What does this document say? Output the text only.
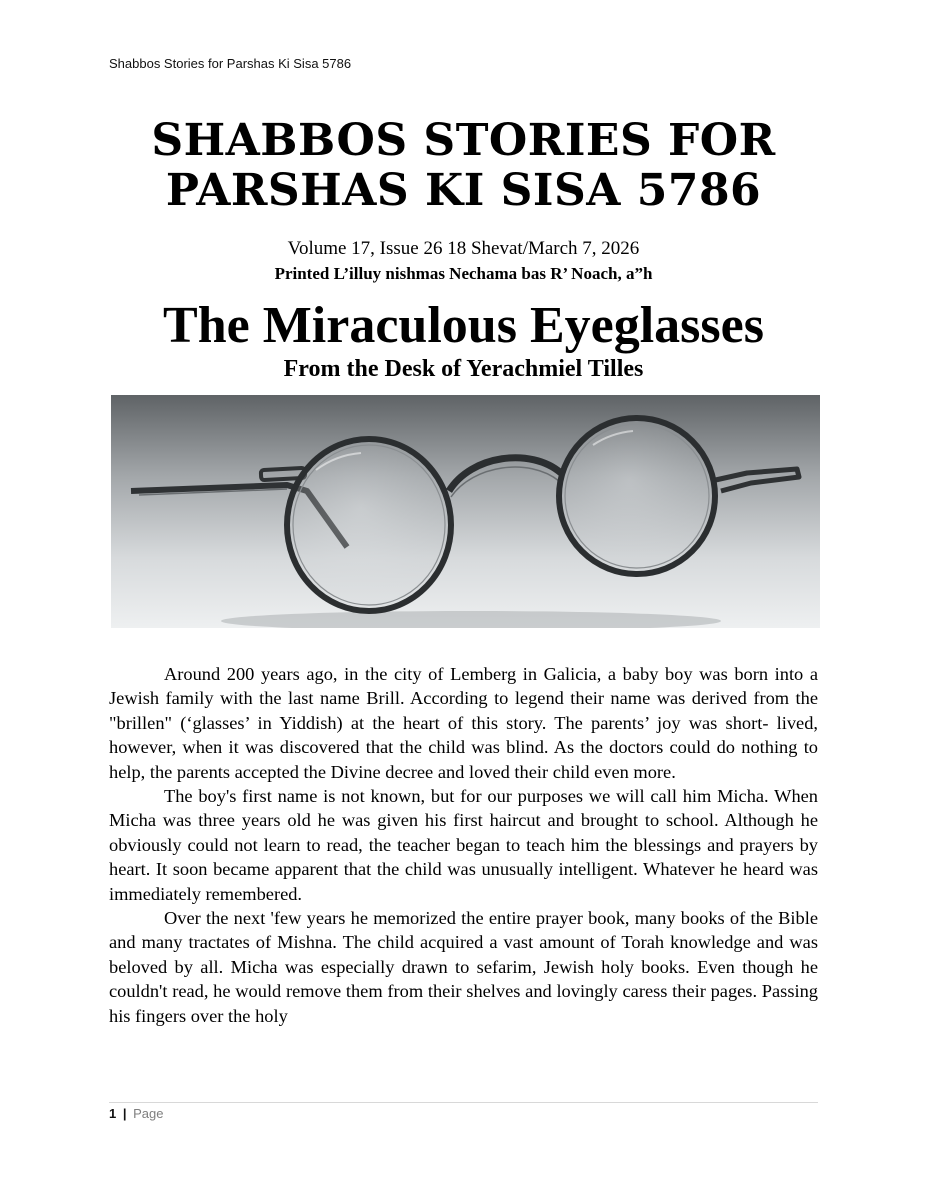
Shabbos Stories for Parshas Ki Sisa 5786
SHABBOS STORIES FOR
PARSHAS KI SISA 5786
Volume 17, Issue 26 18 Shevat/March 7, 2026
Printed L’illuy nishmas Nechama bas R’ Noach, a”h
The Miraculous Eyeglasses
From the Desk of Yerachmiel Tilles

Around 200 years ago, in the city of Lemberg in Galicia, a baby boy was born into a Jewish family with the last name Brill. According to legend their name was derived from the "brillen" (‘glasses’ in Yiddish) at the heart of this story. The parents’ joy was short- lived, however, when it was discovered that the child was blind. As the doctors could do nothing to help, the parents accepted the Divine decree and loved their child even more.

The boy's first name is not known, but for our purposes we will call him Micha. When Micha was three years old he was given his first haircut and brought to school. Although he obviously could not learn to read, the teacher began to teach him the blessings and prayers by heart. It soon became apparent that the child was unusually intelligent. Whatever he heard was immediately remembered.

Over the next 'few years he memorized the entire prayer book, many books of the Bible and many tractates of Mishna. The child acquired a vast amount of Torah knowledge and was beloved by all. Micha was especially drawn to sefarim, Jewish holy books. Even though he couldn't read, he would remove them from their shelves and lovingly caress their pages. Passing his fingers over the holy

1 | Page
